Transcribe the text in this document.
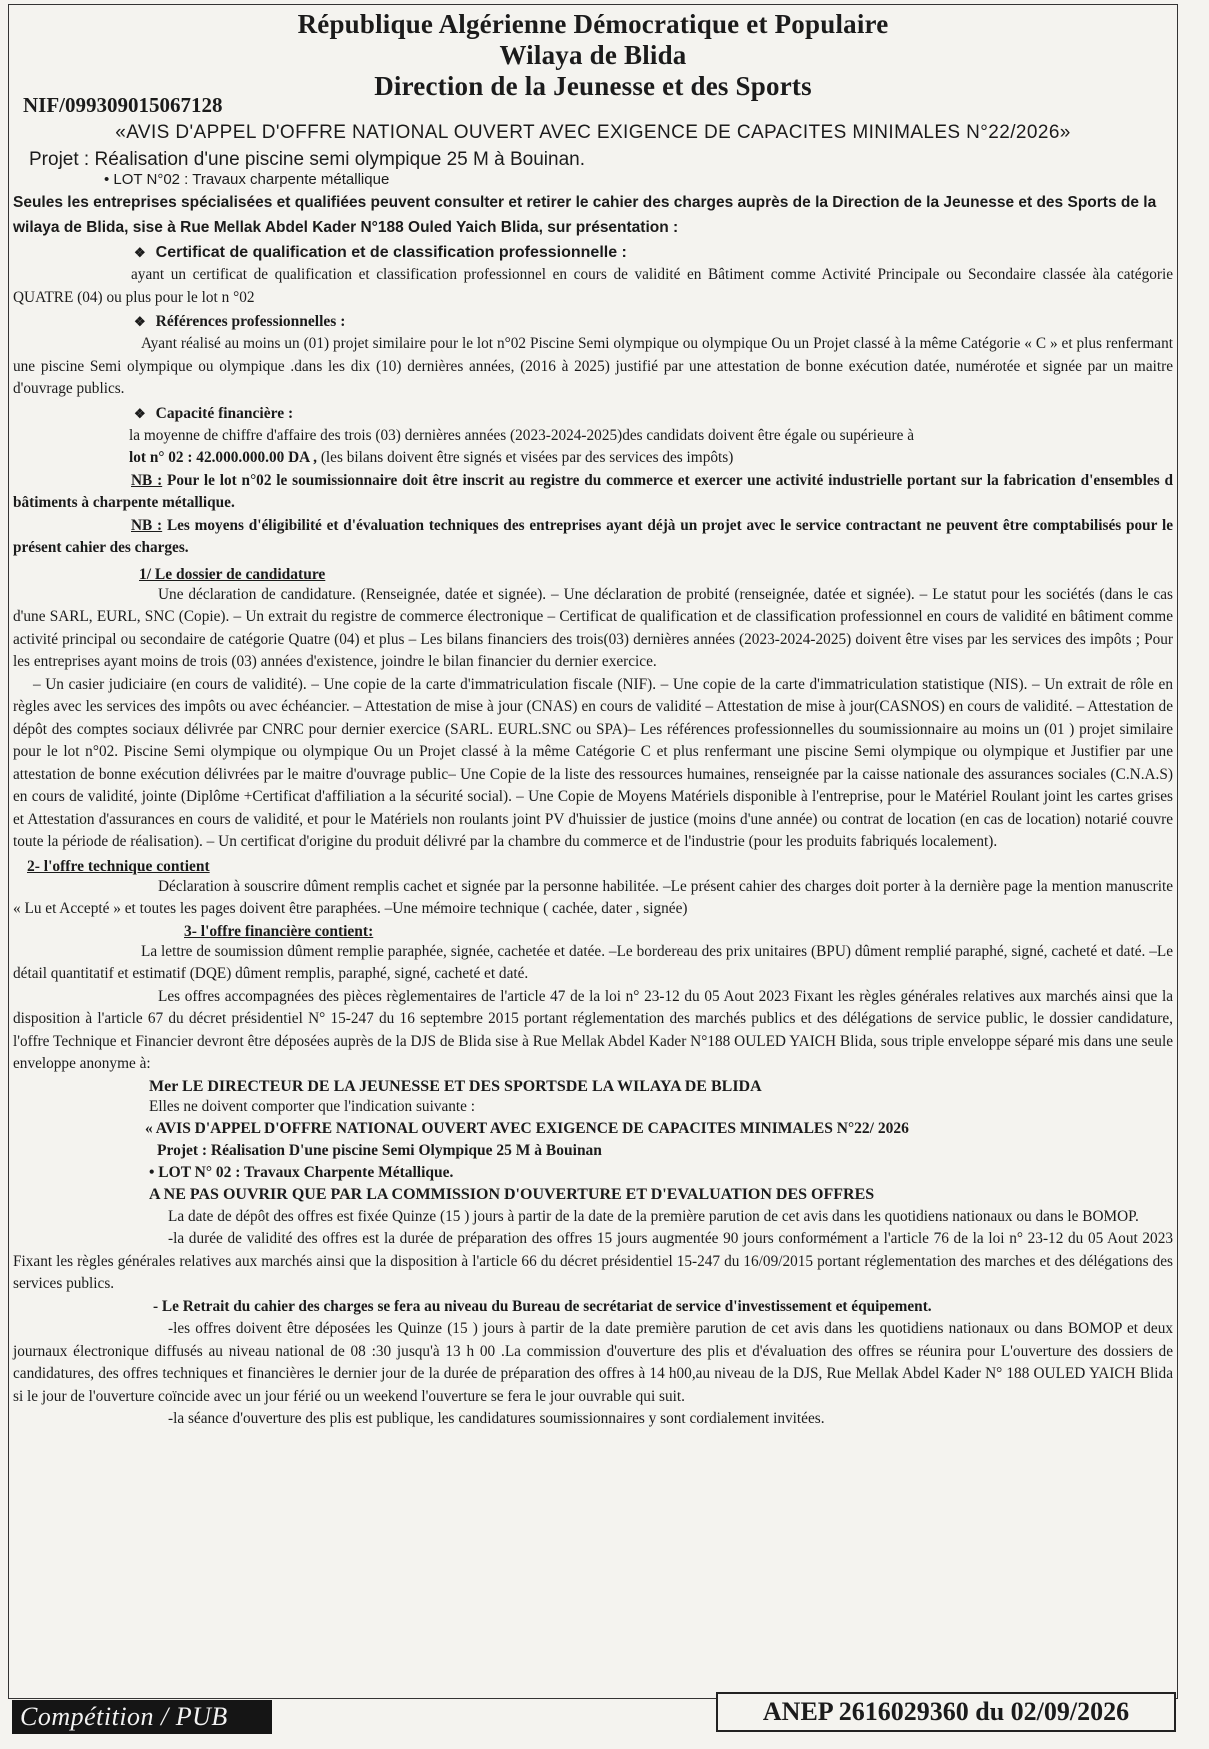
République Algérienne Démocratique et Populaire
Wilaya de Blida
Direction de la Jeunesse et des Sports
NIF/099309015067128
«AVIS D'APPEL D'OFFRE NATIONAL OUVERT AVEC EXIGENCE DE CAPACITES MINIMALES N°22/2026»
Projet : Réalisation d'une piscine semi olympique 25 M à Bouinan.
• LOT N°02 : Travaux charpente métallique

Seules les entreprises spécialisées et qualifiées peuvent consulter et retirer le cahier des charges auprès de la Direction de la Jeunesse et des Sports de la wilaya de Blida, sise à Rue Mellak Abdel Kader N°188 Ouled Yaich Blida, sur présentation :

❖ Certificat de qualification et de classification professionnelle :

ayant un certificat de qualification et classification professionnel en cours de validité en Bâtiment comme Activité Principale ou Secondaire classée àla catégorie QUATRE (04) ou plus pour le lot n °02

❖ Références professionnelles :

Ayant réalisé au moins un (01) projet similaire pour le lot n°02 Piscine Semi olympique ou olympique Ou un Projet classé à la même Catégorie « C » et plus renfermant une piscine Semi olympique ou olympique .dans les dix (10) dernières années, (2016 à 2025) justifié par une attestation de bonne exécution datée, numérotée et signée par un maitre d'ouvrage publics.

❖ Capacité financière :

la moyenne de chiffre d'affaire des trois (03) dernières années (2023-2024-2025)des candidats doivent être égale ou supérieure à
lot n° 02 : 42.000.000.00 DA , (les bilans doivent être signés et visées par des services des impôts)

NB : Pour le lot n°02 le soumissionnaire doit être inscrit au registre du commerce et exercer une activité industrielle portant sur la fabrication d'ensembles d bâtiments à charpente métallique.

NB : Les moyens d'éligibilité et d'évaluation techniques des entreprises ayant déjà un projet avec le service contractant ne peuvent être comptabilisés pour le présent cahier des charges.

1/ Le dossier de candidature

Une déclaration de candidature. (Renseignée, datée et signée). – Une déclaration de probité (renseignée, datée et signée). – Le statut pour les sociétés (dans le cas d'une SARL, EURL, SNC (Copie). – Un extrait du registre de commerce électronique – Certificat de qualification et de classification professionnel en cours de validité en bâtiment comme activité principal ou secondaire de catégorie Quatre (04) et plus – Les bilans financiers des trois(03) dernières années (2023-2024-2025) doivent être vises par les services des impôts ; Pour les entreprises ayant moins de trois (03) années d'existence, joindre le bilan financier du dernier exercice.

– Un casier judiciaire (en cours de validité). – Une copie de la carte d'immatriculation fiscale (NIF). – Une copie de la carte d'immatriculation statistique (NIS). – Un extrait de rôle en règles avec les services des impôts ou avec échéancier. – Attestation de mise à jour (CNAS) en cours de validité – Attestation de mise à jour(CASNOS) en cours de validité. – Attestation de dépôt des comptes sociaux délivrée par CNRC pour dernier exercice (SARL. EURL.SNC ou SPA)– Les références professionnelles du soumissionnaire au moins un (01 ) projet similaire pour le lot n°02. Piscine Semi olympique ou olympique Ou un Projet classé à la même Catégorie C et plus renfermant une piscine Semi olympique ou olympique et Justifier par une attestation de bonne exécution délivrées par le maitre d'ouvrage public– Une Copie de la liste des ressources humaines, renseignée par la caisse nationale des assurances sociales (C.N.A.S) en cours de validité, jointe (Diplôme +Certificat d'affiliation a la sécurité social). – Une Copie de Moyens Matériels disponible à l'entreprise, pour le Matériel Roulant joint les cartes grises et Attestation d'assurances en cours de validité, et pour le Matériels non roulants joint PV d'huissier de justice (moins d'une année) ou contrat de location (en cas de location) notarié couvre toute la période de réalisation). – Un certificat d'origine du produit délivré par la chambre du commerce et de l'industrie (pour les produits fabriqués localement).

2- l'offre technique contient

Déclaration à souscrire dûment remplis cachet et signée par la personne habilitée. –Le présent cahier des charges doit porter à la dernière page la mention manuscrite « Lu et Accepté » et toutes les pages doivent être paraphées. –Une mémoire technique ( cachée, dater , signée)

3- l'offre financière contient:

La lettre de soumission dûment remplie paraphée, signée, cachetée et datée. –Le bordereau des prix unitaires (BPU) dûment remplié paraphé, signé, cacheté et daté. –Le détail quantitatif et estimatif (DQE) dûment remplis, paraphé, signé, cacheté et daté.

Les offres accompagnées des pièces règlementaires de l'article 47 de la loi n° 23-12 du 05 Aout 2023 Fixant les règles générales relatives aux marchés ainsi que la disposition à l'article 67 du décret présidentiel N° 15-247 du 16 septembre 2015 portant réglementation des marchés publics et des délégations de service public, le dossier candidature, l'offre Technique et Financier devront être déposées auprès de la DJS de Blida sise à Rue Mellak Abdel Kader N°188 OULED YAICH Blida, sous triple enveloppe séparé mis dans une seule enveloppe anonyme à:

Mer LE DIRECTEUR DE LA JEUNESSE ET DES SPORTSDE LA WILAYA DE BLIDA
Elles ne doivent comporter que l'indication suivante :
« AVIS D'APPEL D'OFFRE NATIONAL OUVERT AVEC EXIGENCE DE CAPACITES MINIMALES N°22/ 2026
Projet : Réalisation D'une piscine Semi Olympique 25 M à Bouinan
• LOT N° 02 : Travaux Charpente Métallique.
A NE PAS OUVRIR QUE PAR LA COMMISSION D'OUVERTURE ET D'EVALUATION DES OFFRES

La date de dépôt des offres est fixée Quinze (15 ) jours à partir de la date de la première parution de cet avis dans les quotidiens nationaux ou dans le BOMOP.

-la durée de validité des offres est la durée de préparation des offres 15 jours augmentée 90 jours conformément a l'article 76 de la loi n° 23-12 du 05 Aout 2023 Fixant les règles générales relatives aux marchés ainsi que la disposition à l'article 66 du décret présidentiel 15-247 du 16/09/2015 portant réglementation des marches et des délégations des services publics.

- Le Retrait du cahier des charges se fera au niveau du Bureau de secrétariat de service d'investissement et équipement.

-les offres doivent être déposées les Quinze (15 ) jours à partir de la date première parution de cet avis dans les quotidiens nationaux ou dans BOMOP et deux journaux électronique diffusés au niveau national de 08 :30 jusqu'à 13 h 00 .La commission d'ouverture des plis et d'évaluation des offres se réunira pour L'ouverture des dossiers de candidatures, des offres techniques et financières le dernier jour de la durée de préparation des offres à 14 h00,au niveau de la DJS, Rue Mellak Abdel Kader N° 188 OULED YAICH Blida si le jour de l'ouverture coïncide avec un jour férié ou un weekend l'ouverture se fera le jour ouvrable qui suit.

-la séance d'ouverture des plis est publique, les candidatures soumissionnaires y sont cordialement invitées.

Compétition / PUB	ANEP 2616029360 du 02/09/2026
